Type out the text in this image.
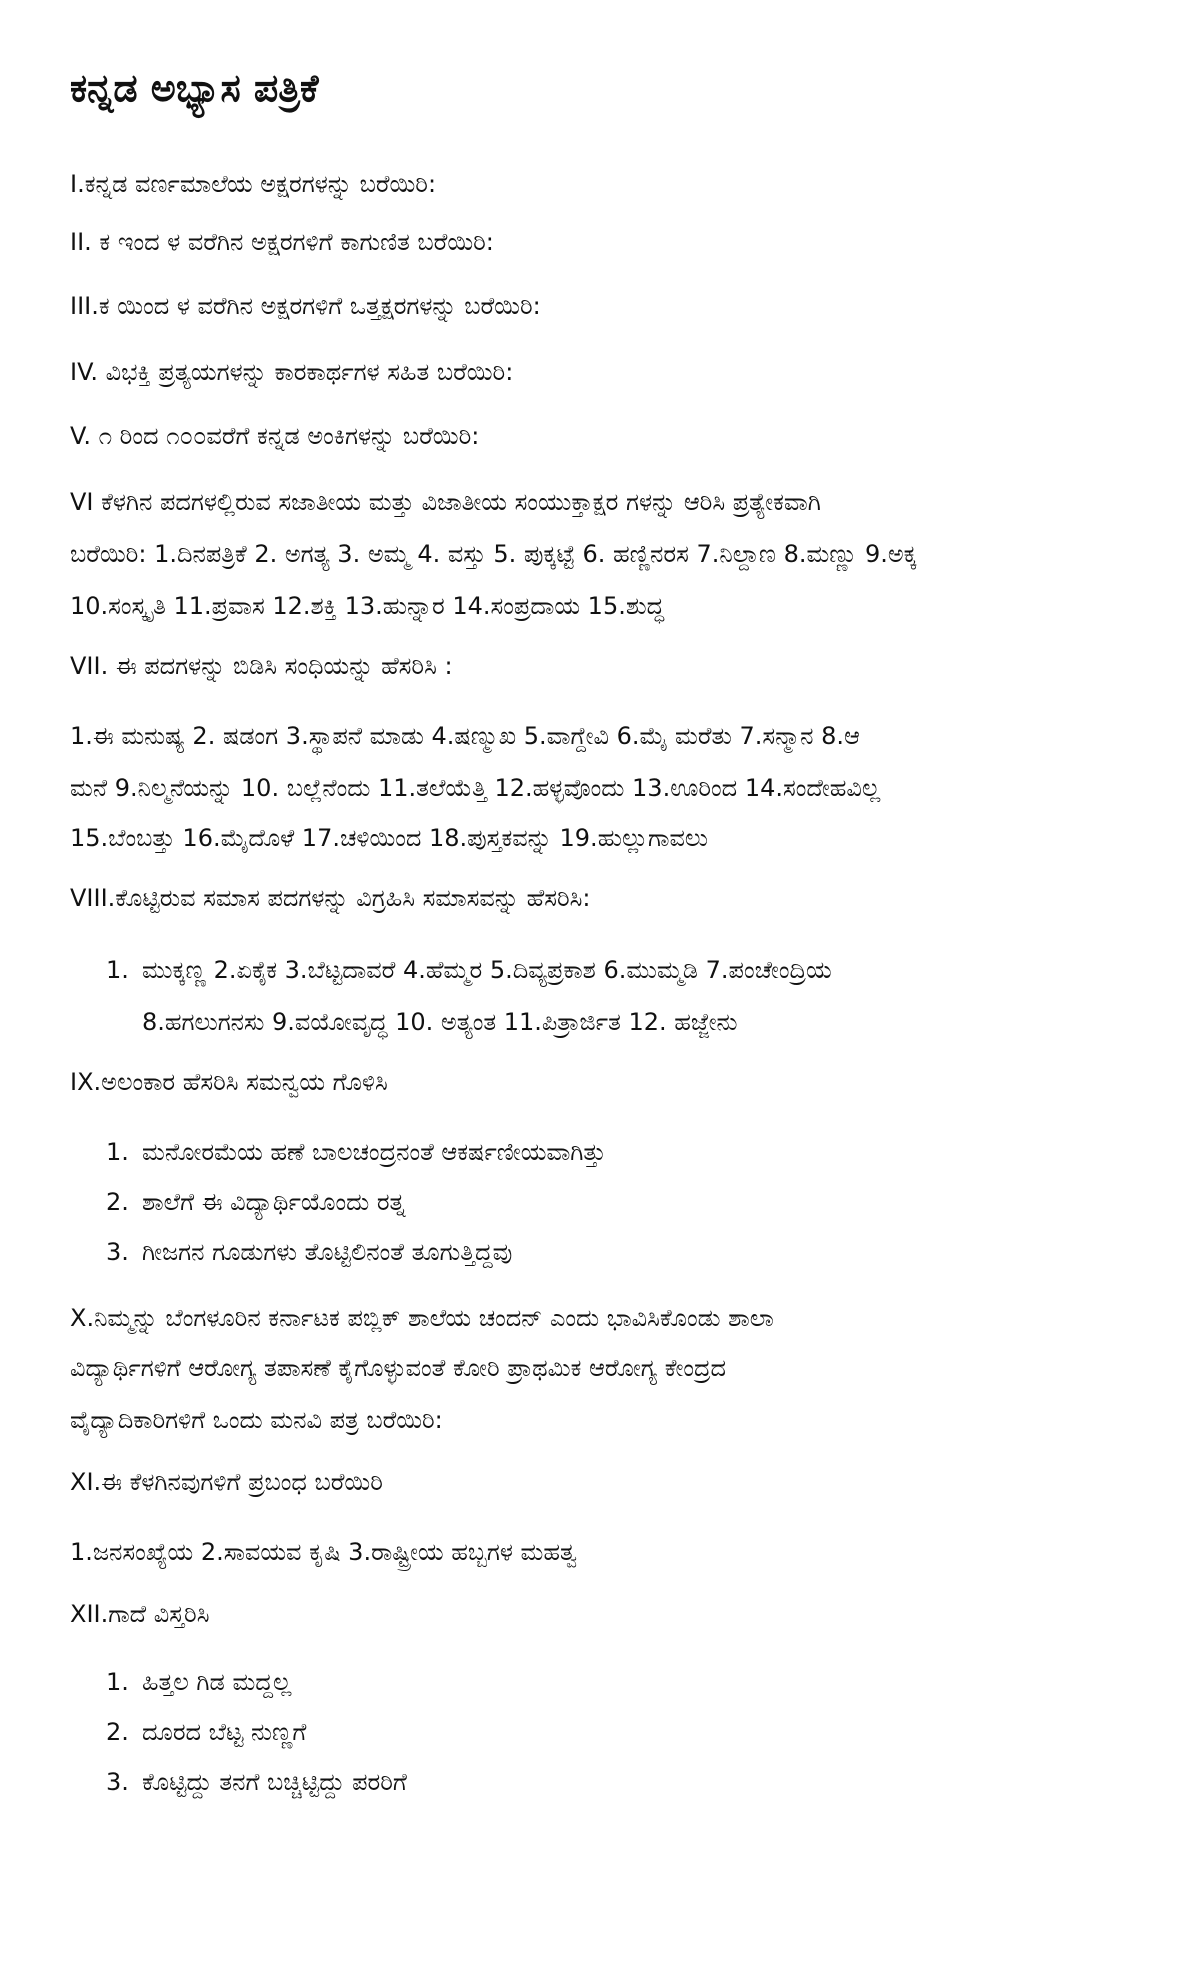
ಕನ್ನಡ ಅಭ್ಯಾಸ ಪತ್ರಿಕೆ
I.ಕನ್ನಡ ವರ್ಣಮಾಲೆಯ ಅಕ್ಷರಗಳನ್ನು ಬರೆಯಿರಿ:
II. ಕ ಇಂದ ಳ ವರೆಗಿನ ಅಕ್ಷರಗಳಿಗೆ ಕಾಗುಣಿತ ಬರೆಯಿರಿ:
III.ಕ ಯಿಂದ ಳ ವರೆಗಿನ ಅಕ್ಷರಗಳಿಗೆ ಒತ್ತಕ್ಷರಗಳನ್ನು ಬರೆಯಿರಿ:
IV. ವಿಭಕ್ತಿ ಪ್ರತ್ಯಯಗಳನ್ನು ಕಾರಕಾರ್ಥಗಳ ಸಹಿತ ಬರೆಯಿರಿ:
V. ೧ ರಿಂದ ೧೦೦ವರೆಗೆ ಕನ್ನಡ ಅಂಕಿಗಳನ್ನು ಬರೆಯಿರಿ:
VI ಕೆಳಗಿನ ಪದಗಳಲ್ಲಿರುವ ಸಜಾತೀಯ ಮತ್ತು ವಿಜಾತೀಯ ಸಂಯುಕ್ತಾಕ್ಷರ ಗಳನ್ನು ಆರಿಸಿ ಪ್ರತ್ಯೇಕವಾಗಿ
ಬರೆಯಿರಿ: 1.ದಿನಪತ್ರಿಕೆ 2. ಅಗತ್ಯ 3. ಅಮ್ಮ 4. ವಸ್ತು 5. ಪುಕ್ಕಟ್ಟೆ 6. ಹಣ್ಣಿನರಸ 7.ನಿಲ್ದಾಣ 8.ಮಣ್ಣು 9.ಅಕ್ಕ
10.ಸಂಸ್ಕೃತಿ 11.ಪ್ರವಾಸ 12.ಶಕ್ತಿ 13.ಹುನ್ನಾರ 14.ಸಂಪ್ರದಾಯ 15.ಶುದ್ಧ
VII. ಈ ಪದಗಳನ್ನು ಬಿಡಿಸಿ ಸಂಧಿಯನ್ನು ಹೆಸರಿಸಿ :
1.ಈ ಮನುಷ್ಯ 2. ಷಡಂಗ 3.ಸ್ಥಾಪನೆ ಮಾಡು 4.ಷಣ್ಮುಖ 5.ವಾಗ್ದೇವಿ 6.ಮೈ ಮರೆತು 7.ಸನ್ಮಾನ 8.ಆ
ಮನೆ 9.ನಿಲ್ಮನೆಯನ್ನು 10. ಬಲ್ಲೆನೆಂದು 11.ತಲೆಯೆತ್ತಿ 12.ಹಳ್ಳವೊಂದು 13.ಊರಿಂದ 14.ಸಂದೇಹವಿಲ್ಲ
15.ಬೆಂಬತ್ತು 16.ಮೈದೊಳೆ 17.ಚಳಿಯಿಂದ 18.ಪುಸ್ತಕವನ್ನು 19.ಹುಲ್ಲುಗಾವಲು
VIII.ಕೊಟ್ಟಿರುವ ಸಮಾಸ ಪದಗಳನ್ನು ವಿಗ್ರಹಿಸಿ ಸಮಾಸವನ್ನು ಹೆಸರಿಸಿ:
1. ಮುಕ್ಕಣ್ಣ 2.ಏಕೈಕ 3.ಬೆಟ್ಟದಾವರೆ 4.ಹೆಮ್ಮರ 5.ದಿವ್ಯಪ್ರಕಾಶ 6.ಮುಮ್ಮಡಿ 7.ಪಂಚೇಂದ್ರಿಯ
8.ಹಗಲುಗನಸು 9.ವಯೋವೃದ್ಧ 10. ಅತ್ಯಂತ 11.ಪಿತ್ರಾರ್ಜಿತ 12. ಹಜ್ಜೇನು
IX.ಅಲಂಕಾರ ಹೆಸರಿಸಿ ಸಮನ್ವಯ ಗೊಳಿಸಿ
1. ಮನೋರಮೆಯ ಹಣೆ ಬಾಲಚಂದ್ರನಂತೆ ಆಕರ್ಷಣೀಯವಾಗಿತ್ತು
2. ಶಾಲೆಗೆ ಈ ವಿದ್ಯಾರ್ಥಿಯೊಂದು ರತ್ನ
3. ಗೀಜಗನ ಗೂಡುಗಳು ತೊಟ್ಟಿಲಿನಂತೆ ತೂಗುತ್ತಿದ್ದವು
X.ನಿಮ್ಮನ್ನು ಬೆಂಗಳೂರಿನ ಕರ್ನಾಟಕ ಪಬ್ಲಿಕ್ ಶಾಲೆಯ ಚಂದನ್ ಎಂದು ಭಾವಿಸಿಕೊಂಡು ಶಾಲಾ
ವಿದ್ಯಾರ್ಥಿಗಳಿಗೆ ಆರೋಗ್ಯ ತಪಾಸಣೆ ಕೈಗೊಳ್ಳುವಂತೆ ಕೋರಿ ಪ್ರಾಥಮಿಕ ಆರೋಗ್ಯ ಕೇಂದ್ರದ
ವೈದ್ಯಾದಿಕಾರಿಗಳಿಗೆ ಒಂದು ಮನವಿ ಪತ್ರ ಬರೆಯಿರಿ:
XI.ಈ ಕೆಳಗಿನವುಗಳಿಗೆ ಪ್ರಬಂಧ ಬರೆಯಿರಿ
1.ಜನಸಂಖ್ಯೆಯ 2.ಸಾವಯವ ಕೃಷಿ 3.ರಾಷ್ಟ್ರೀಯ ಹಬ್ಬಗಳ ಮಹತ್ವ
XII.ಗಾದೆ ವಿಸ್ತರಿಸಿ
1. ಹಿತ್ತಲ ಗಿಡ ಮದ್ದಲ್ಲ
2. ದೂರದ ಬೆಟ್ಟ ನುಣ್ಣಗೆ
3. ಕೊಟ್ಟಿದ್ದು ತನಗೆ ಬಚ್ಚಿಟ್ಟಿದ್ದು ಪರರಿಗೆ
